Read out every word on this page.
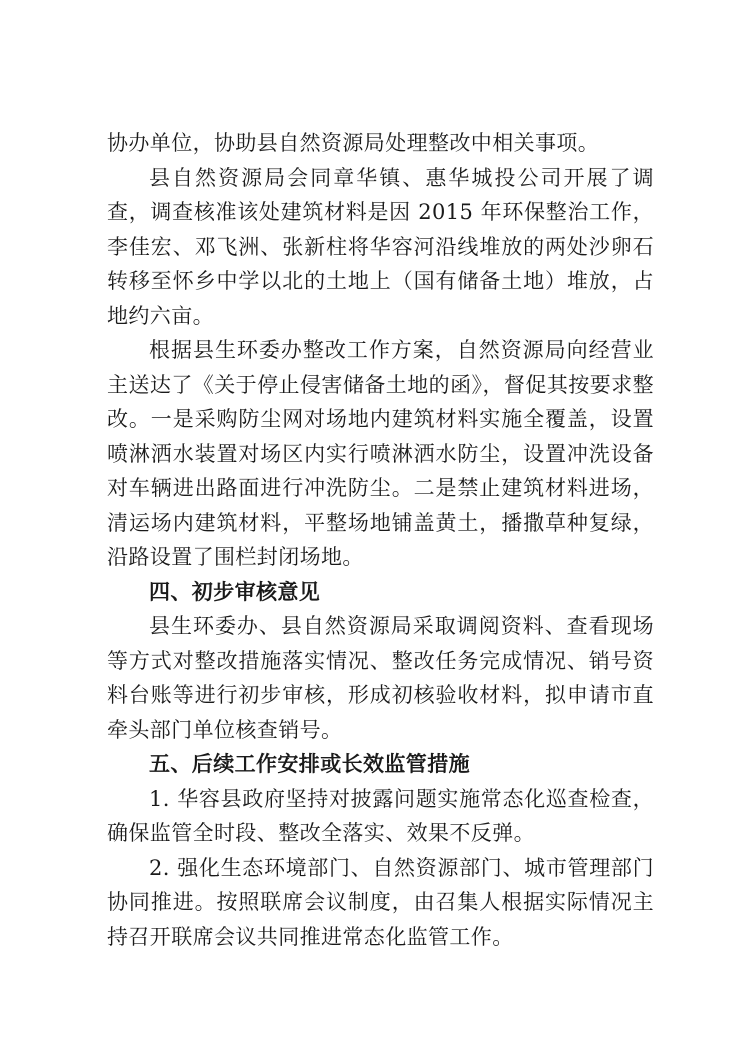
协办单位，协助县自然资源局处理整改中相关事项。

县自然资源局会同章华镇、惠华城投公司开展了调查，调查核准该处建筑材料是因 2015 年环保整治工作，李佳宏、邓飞洲、张新柱将华容河沿线堆放的两处沙卵石转移至怀乡中学以北的土地上（国有储备土地）堆放，占地约六亩。

根据县生环委办整改工作方案，自然资源局向经营业主送达了《关于停止侵害储备土地的函》，督促其按要求整改。一是采购防尘网对场地内建筑材料实施全覆盖，设置喷淋洒水装置对场区内实行喷淋洒水防尘，设置冲洗设备对车辆进出路面进行冲洗防尘。二是禁止建筑材料进场，清运场内建筑材料，平整场地铺盖黄土，播撒草种复绿，沿路设置了围栏封闭场地。

四、初步审核意见

县生环委办、县自然资源局采取调阅资料、查看现场等方式对整改措施落实情况、整改任务完成情况、销号资料台账等进行初步审核，形成初核验收材料，拟申请市直牵头部门单位核查销号。

五、后续工作安排或长效监管措施

1. 华容县政府坚持对披露问题实施常态化巡查检查，确保监管全时段、整改全落实、效果不反弹。

2. 强化生态环境部门、自然资源部门、城市管理部门协同推进。按照联席会议制度，由召集人根据实际情况主持召开联席会议共同推进常态化监管工作。
